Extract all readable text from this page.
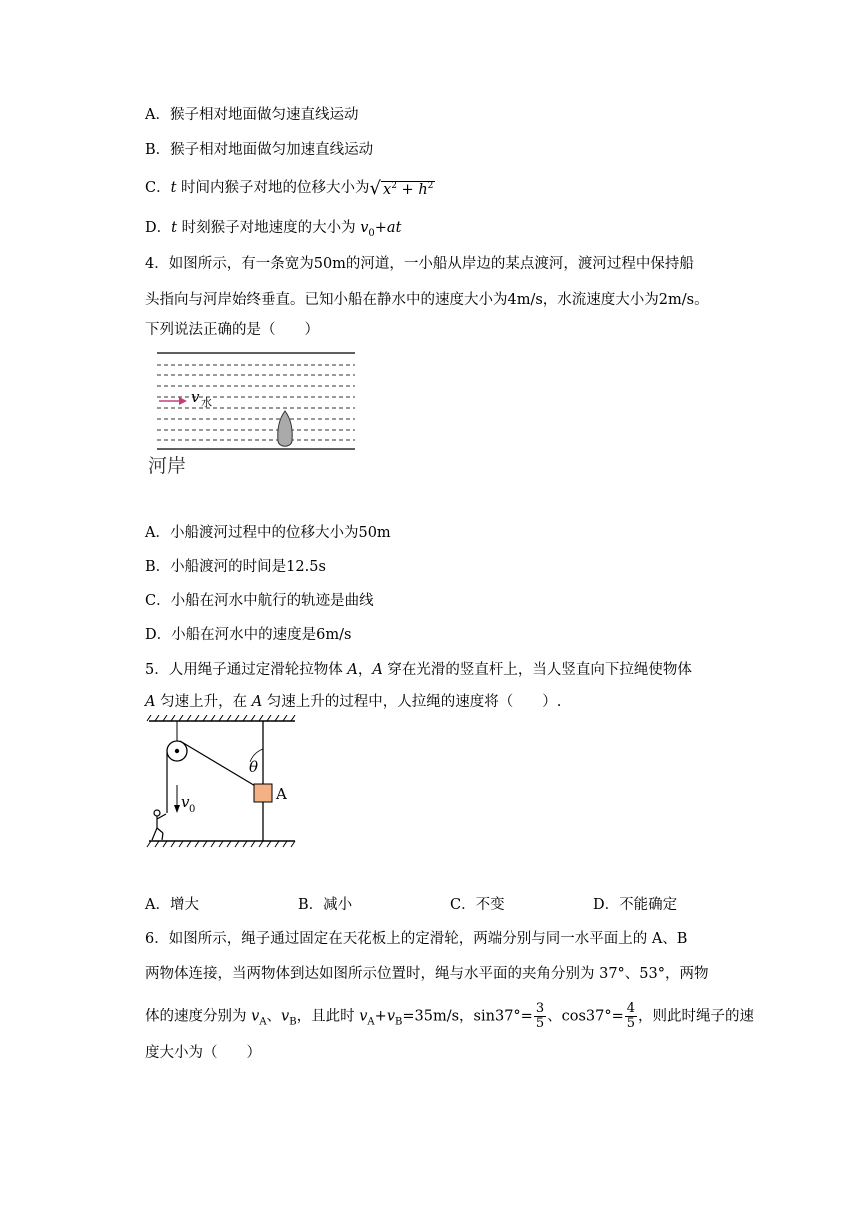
A．猴子相对地面做匀速直线运动
B．猴子相对地面做匀加速直线运动
C．t 时间内猴子对地的位移大小为√ $x^2 + h^2$
D．t 时刻猴子对地速度的大小为 $v_0+at$
4．如图所示，有一条宽为50m的河道，一小船从岸边的某点渡河，渡河过程中保持船
头指向与河岸始终垂直。已知小船在静水中的速度大小为4m/s，水流速度大小为2m/s。
下列说法正确的是（　　）
v 水
河岸
A．小船渡河过程中的位移大小为50m
B．小船渡河的时间是12.5s
C．小船在河水中航行的轨迹是曲线
D．小船在河水中的速度是6m/s
5．人用绳子通过定滑轮拉物体 A，A 穿在光滑的竖直杆上，当人竖直向下拉绳使物体
A 匀速上升，在 A 匀速上升的过程中，人拉绳的速度将（　　）.
θ
A
v 0
A．增大	B．减小	C．不变	D．不能确定
6．如图所示，绳子通过固定在天花板上的定滑轮，两端分别与同一水平面上的 A、B
两物体连接，当两物体到达如图所示位置时，绳与水平面的夹角分别为 37°、53°，两物
体的速度分别为 $v_A$、$v_B$，且此时 $v_A+v_B=35m/s$，$\sin 37^\circ= \frac{3}{5}$ 、$\cos 37^\circ= \frac{4}{5}$ ，则此时绳子的速
度大小为（　　）
